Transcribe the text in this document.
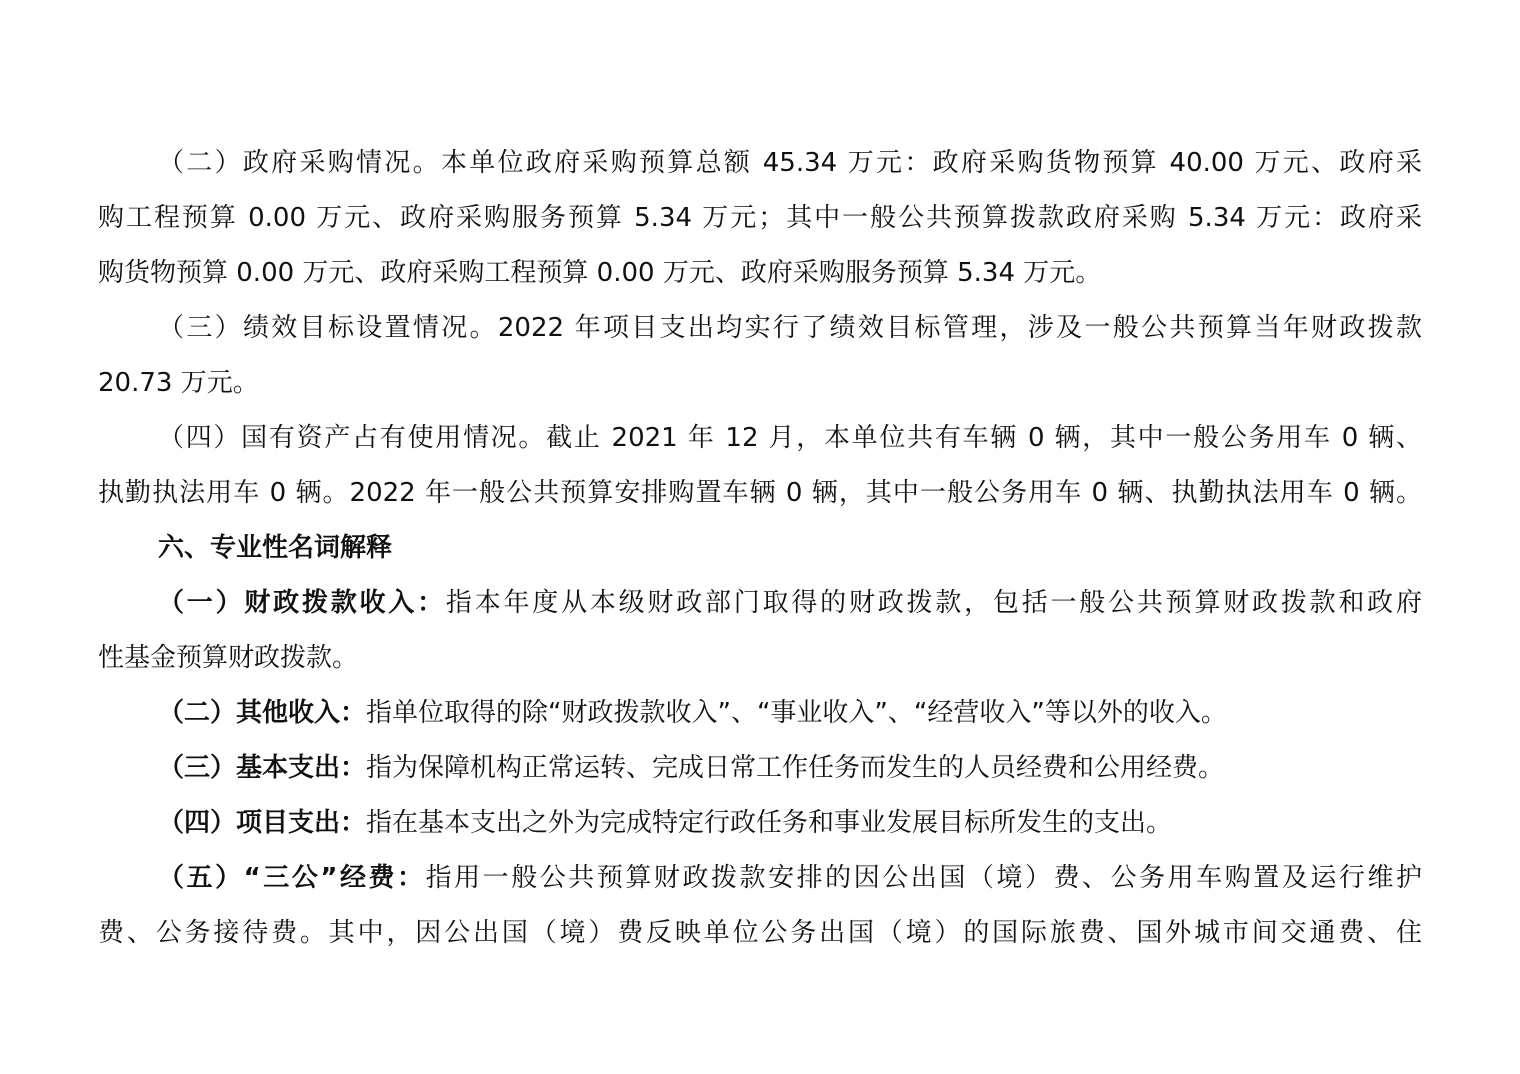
（二）政府采购情况。本单位政府采购预算总额 45.34 万元：政府采购货物预算 40.00 万元、政府采
购工程预算 0.00 万元、政府采购服务预算 5.34 万元；其中一般公共预算拨款政府采购 5.34 万元：政府采
购货物预算 0.00 万元、政府采购工程预算 0.00 万元、政府采购服务预算 5.34 万元。
（三）绩效目标设置情况。2022 年项目支出均实行了绩效目标管理，涉及一般公共预算当年财政拨款
20.73 万元。
（四）国有资产占有使用情况。截止 2021 年 12 月，本单位共有车辆 0 辆，其中一般公务用车 0 辆、
执勤执法用车 0 辆。2022 年一般公共预算安排购置车辆 0 辆，其中一般公务用车 0 辆、执勤执法用车 0 辆。
六、专业性名词解释
（一）财政拨款收入：指本年度从本级财政部门取得的财政拨款，包括一般公共预算财政拨款和政府
性基金预算财政拨款。
（二）其他收入： 指单位取得的除“财政拨款收入”、“事业收入”、“经营收入”等以外的收入。
（三）基本支出： 指为保障机构正常运转、完成日常工作任务而发生的人员经费和公用经费。
（四）项目支出： 指在基本支出之外为完成特定行政任务和事业发展目标所发生的支出。
（五）“三公”经费：指用一般公共预算财政拨款安排的因公出国（境）费、公务用车购置及运行维护
费、公务接待费。其中，因公出国（境）费反映单位公务出国（境）的国际旅费、国外城市间交通费、住
